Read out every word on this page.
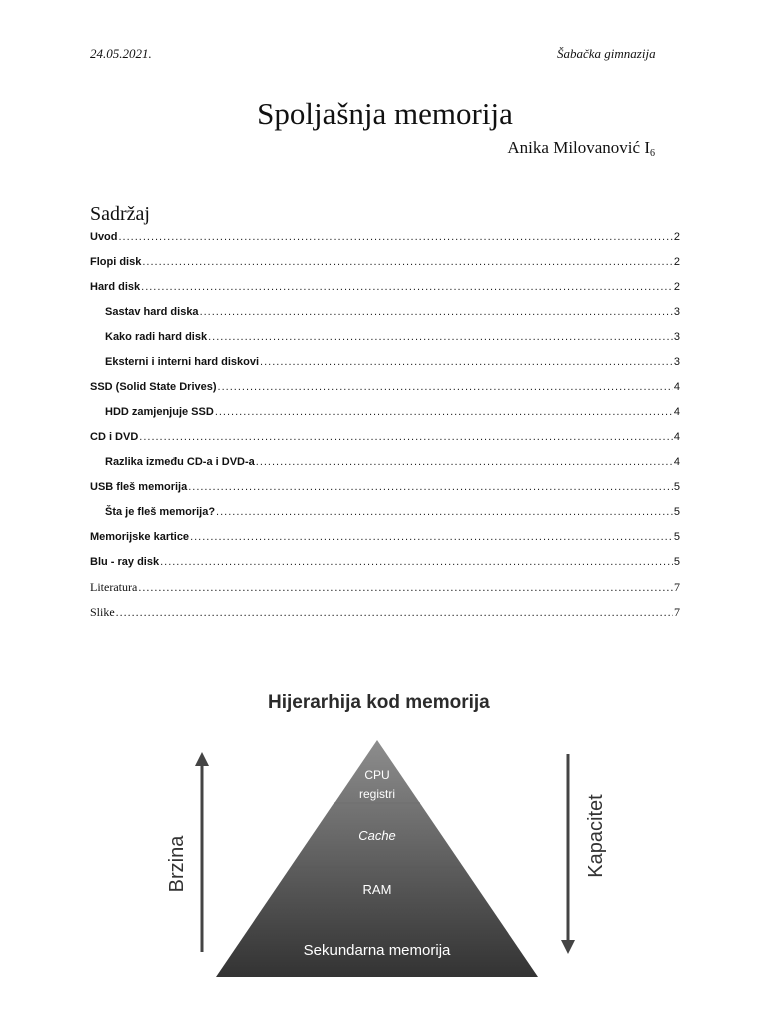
24.05.2021.	Šabačka gimnazija
Spoljašnja memorija
Anika Milovanović $I_6$
Sadržaj
Uvod .....	2
Flopi disk .....	2
Hard disk .....	2
Sastav hard diska .....	3
Kako radi hard disk .....	3
Eksterni i interni hard diskovi .....	3
SSD (Solid State Drives) .....	4
HDD zamjenjuje SSD .....	4
CD i DVD .....	4
Razlika između CD-a i DVD-a .....	4
USB fleš memorija .....	5
Šta je fleš memorija? .....	5
Memorijske kartice .....	5
Blu - ray disk .....	5
Literatura .....	7
Slike .....	7
Hijerarhija kod memorija
CPU
registri
Cache
RAM
Sekundarna memorija
Brzina	Kapacitet
